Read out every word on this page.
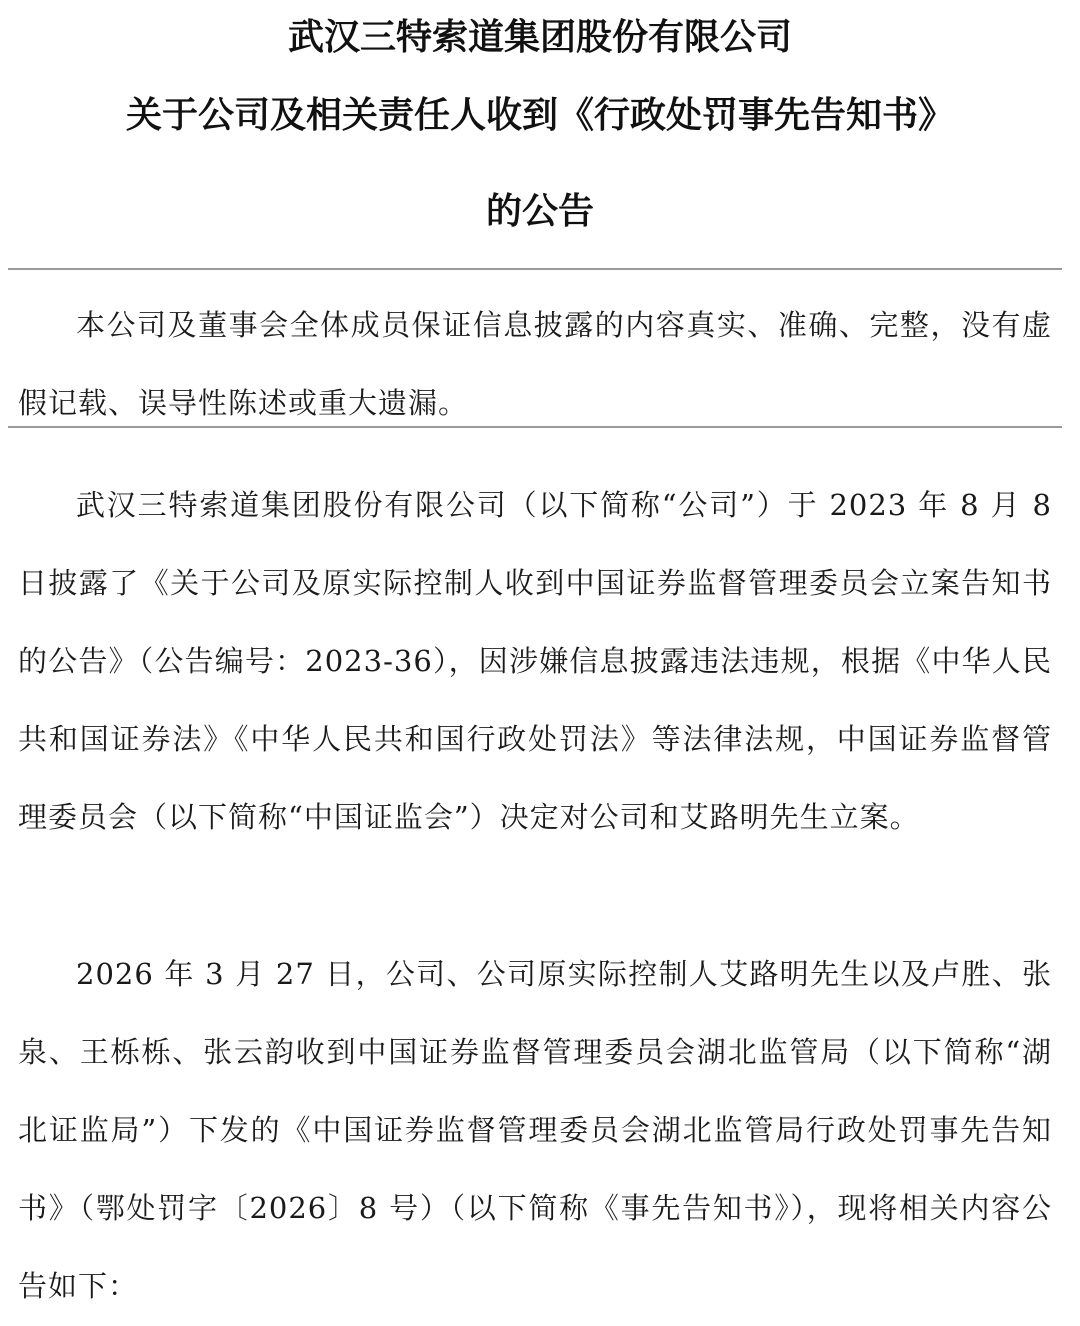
武汉三特索道集团股份有限公司
关于公司及相关责任人收到《行政处罚事先告知书》
的公告

本公司及董事会全体成员保证信息披露的内容真实、准确、完整，没有虚假记载、误导性陈述或重大遗漏。

武汉三特索道集团股份有限公司（以下简称“公司”）于 2023 年 8 月 8 日披露了《关于公司及原实际控制人收到中国证券监督管理委员会立案告知书的公告》（公告编号：2023-36），因涉嫌信息披露违法违规，根据《中华人民共和国证券法》《中华人民共和国行政处罚法》等法律法规，中国证券监督管理委员会（以下简称“中国证监会”）决定对公司和艾路明先生立案。

2026 年 3 月 27 日，公司、公司原实际控制人艾路明先生以及卢胜、张泉、王栎栎、张云韵收到中国证券监督管理委员会湖北监管局（以下简称“湖北证监局”）下发的《中国证券监督管理委员会湖北监管局行政处罚事先告知书》（鄂处罚字〔2026〕8 号）（以下简称《事先告知书》），现将相关内容公告如下：
